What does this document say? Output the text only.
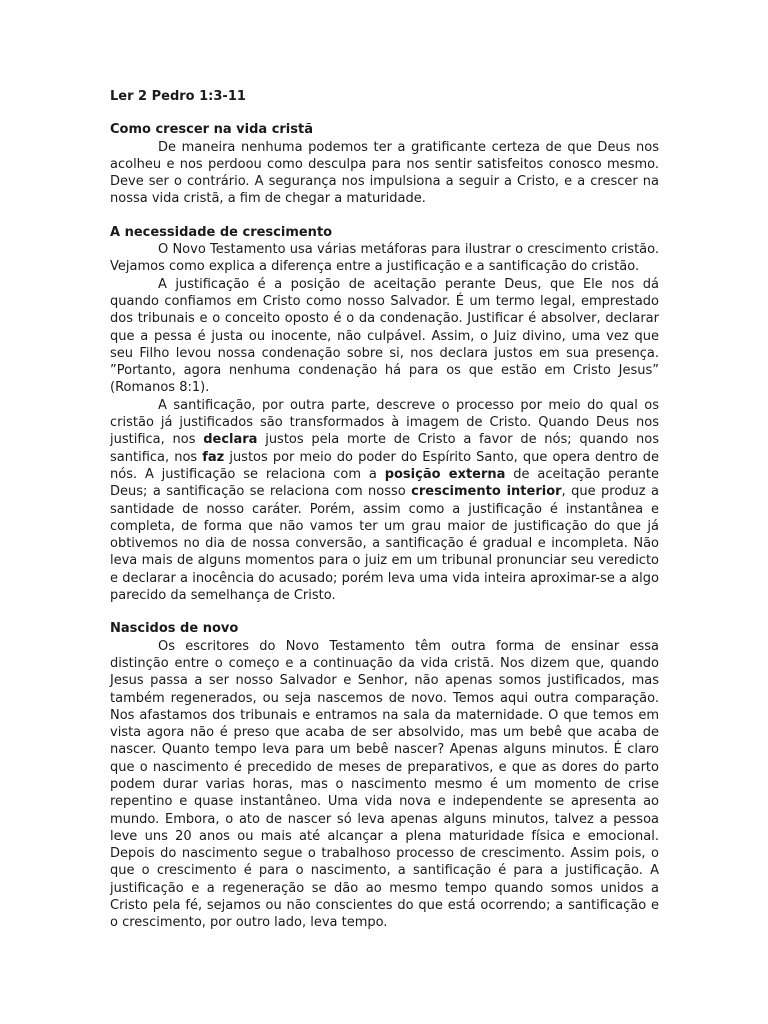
Ler 2 Pedro 1:3-11
Como crescer na vida cristã

De maneira nenhuma podemos ter a gratificante certeza de que Deus nos acolheu e nos perdoou como desculpa para nos sentir satisfeitos conosco mesmo. Deve ser o contrário. A segurança nos impulsiona a seguir a Cristo, e a crescer na nossa vida cristã, a fim de chegar a maturidade.

A necessidade de crescimento

O Novo Testamento usa várias metáforas para ilustrar o crescimento cristão. Vejamos como explica a diferença entre a justificação e a santificação do cristão.

A justificação é a posição de aceitação perante Deus, que Ele nos dá quando confiamos em Cristo como nosso Salvador. É um termo legal, emprestado dos tribunais e o conceito oposto é o da condenação. Justificar é absolver, declarar que a pessa é justa ou inocente, não culpável. Assim, o Juiz divino, uma vez que seu Filho levou nossa condenação sobre si, nos declara justos em sua presença. ”Portanto, agora nenhuma condenação há para os que estão em Cristo Jesus” (Romanos 8:1).

A santificação, por outra parte, descreve o processo por meio do qual os cristão já justificados são transformados à imagem de Cristo. Quando Deus nos justifica, nos declara justos pela morte de Cristo a favor de nós; quando nos santifica, nos faz justos por meio do poder do Espírito Santo, que opera dentro de nós. A justificação se relaciona com a posição externa de aceitação perante Deus; a santificação se relaciona com nosso crescimento interior, que produz a santidade de nosso caráter. Porém, assim como a justificação é instantânea e completa, de forma que não vamos ter um grau maior de justificação do que já obtivemos no dia de nossa conversão, a santificação é gradual e incompleta. Não leva mais de alguns momentos para o juiz em um tribunal pronunciar seu veredicto e declarar a inocência do acusado; porém leva uma vida inteira aproximar-se a algo parecido da semelhança de Cristo.

Nascidos de novo

Os escritores do Novo Testamento têm outra forma de ensinar essa distinção entre o começo e a continuação da vida cristã. Nos dizem que, quando Jesus passa a ser nosso Salvador e Senhor, não apenas somos justificados, mas também regenerados, ou seja nascemos de novo. Temos aqui outra comparação. Nos afastamos dos tribunais e entramos na sala da maternidade. O que temos em vista agora não é preso que acaba de ser absolvido, mas um bebê que acaba de nascer. Quanto tempo leva para um bebê nascer? Apenas alguns minutos. É claro que o nascimento é precedido de meses de preparativos, e que as dores do parto podem durar varias horas, mas o nascimento mesmo é um momento de crise repentino e quase instantâneo. Uma vida nova e independente se apresenta ao mundo. Embora, o ato de nascer só leva apenas alguns minutos, talvez a pessoa leve uns 20 anos ou mais até alcançar a plena maturidade física e emocional. Depois do nascimento segue o trabalhoso processo de crescimento. Assim pois, o que o crescimento é para o nascimento, a santificação é para a justificação. A justificação e a regeneração se dão ao mesmo tempo quando somos unidos a Cristo pela fé, sejamos ou não conscientes do que está ocorrendo; a santificação e o crescimento, por outro lado, leva tempo.
